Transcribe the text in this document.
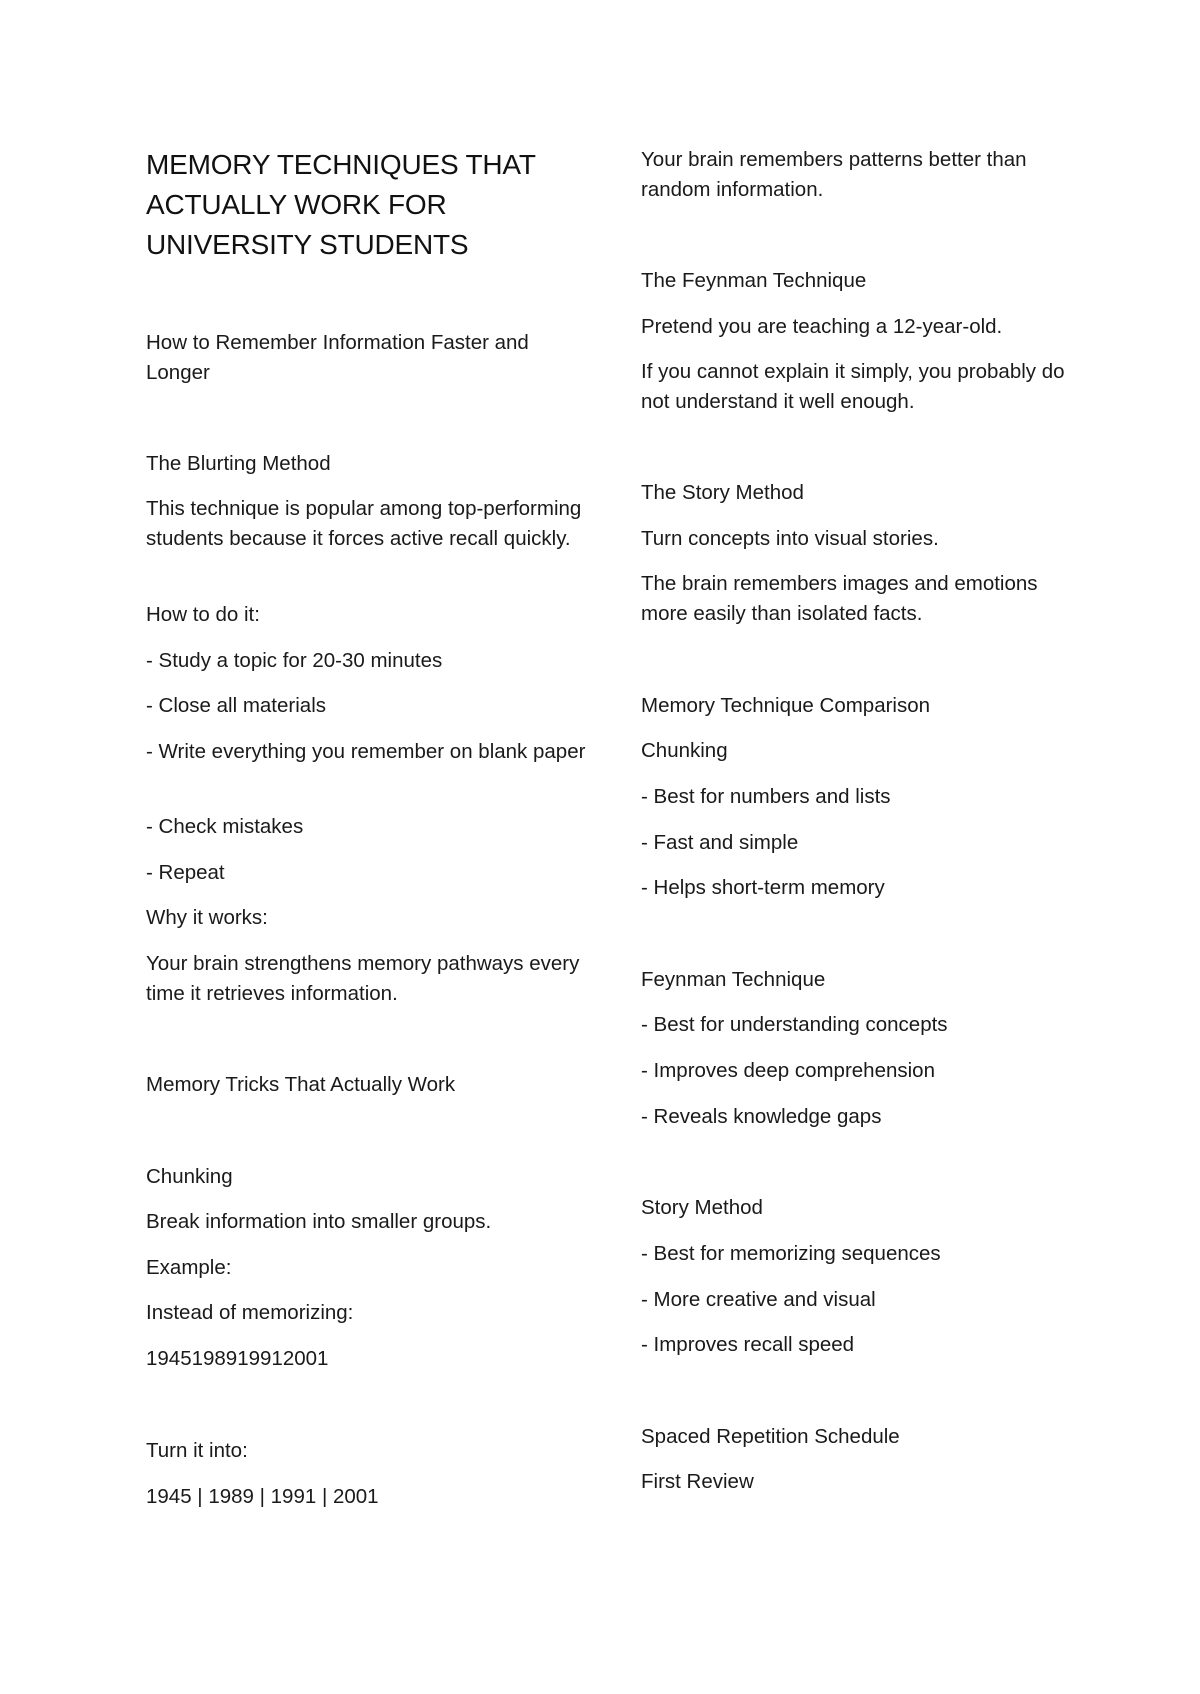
MEMORY TECHNIQUES THAT ACTUALLY WORK FOR UNIVERSITY STUDENTS

How to Remember Information Faster and Longer

The Blurting Method

This technique is popular among top-performing students because it forces active recall quickly.

How to do it:

- Study a topic for 20-30 minutes

- Close all materials

- Write everything you remember on blank paper

- Check mistakes

- Repeat

Why it works:

Your brain strengthens memory pathways every time it retrieves information.

Memory Tricks That Actually Work

Chunking

Break information into smaller groups.

Example:

Instead of memorizing:

1945198919912001

Turn it into:

1945 | 1989 | 1991 | 2001

Your brain remembers patterns better than random information.

The Feynman Technique

Pretend you are teaching a 12-year-old.

If you cannot explain it simply, you probably do not understand it well enough.

The Story Method

Turn concepts into visual stories.

The brain remembers images and emotions more easily than isolated facts.

Memory Technique Comparison

Chunking

- Best for numbers and lists

- Fast and simple

- Helps short-term memory

Feynman Technique

- Best for understanding concepts

- Improves deep comprehension

- Reveals knowledge gaps

Story Method

- Best for memorizing sequences

- More creative and visual

- Improves recall speed

Spaced Repetition Schedule

First Review
